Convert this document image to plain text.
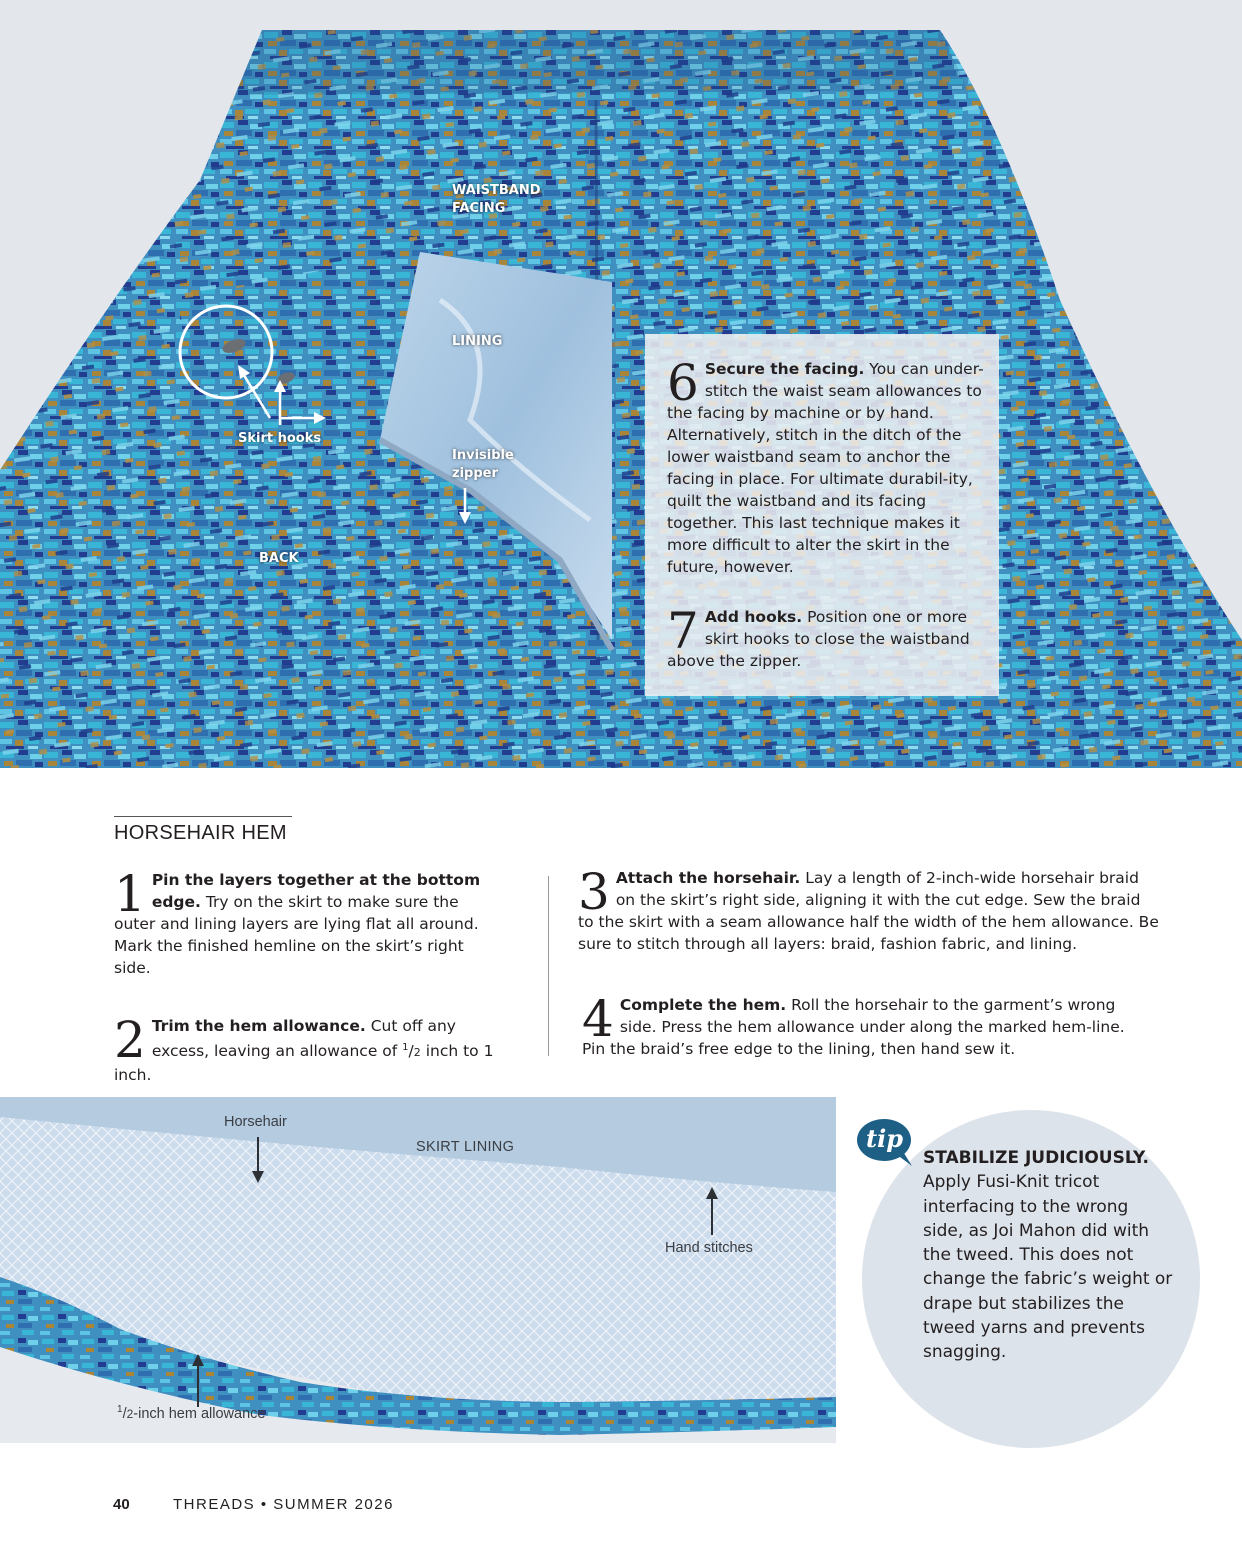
WAISTBAND
FACING
LINING
Skirt hooks
Invisible
zipper
BACK
6 Secure the facing. You can under-stitch the waist seam allowances to the facing by machine or by hand. Alternatively, stitch in the ditch of the lower waistband seam to anchor the facing in place. For ultimate durabil-ity, quilt the waistband and its facing together. This last technique makes it more difficult to alter the skirt in the future, however.
7 Add hooks. Position one or more skirt hooks to close the waistband above the zipper.
HORSEHAIR HEM
1 Pin the layers together at the bottom edge. Try on the skirt to make sure the outer and lining layers are lying flat all around. Mark the finished hemline on the skirt’s right side.
2 Trim the hem allowance. Cut off any excess, leaving an allowance of $^1$/2 inch to 1 inch.
3 Attach the horsehair. Lay a length of 2-inch-wide horsehair braid on the skirt’s right side, aligning it with the cut edge. Sew the braid to the skirt with a seam allowance half the width of the hem allowance. Be sure to stitch through all layers: braid, fashion fabric, and lining.
4 Complete the hem. Roll the horsehair to the garment’s wrong side. Press the hem allowance under along the marked hem-line. Pin the braid’s free edge to the lining, then hand sew it.
Horsehair
SKIRT LINING
Hand stitches
$^1$/2-inch hem allowance
tip
STABILIZE JUDICIOUSLY.
Apply Fusi-Knit tricot interfacing to the wrong side, as Joi Mahon did with the tweed. This does not change the fabric’s weight or drape but stabilizes the tweed yarns and prevents snagging.
40	THREADS • SUMMER 2026
